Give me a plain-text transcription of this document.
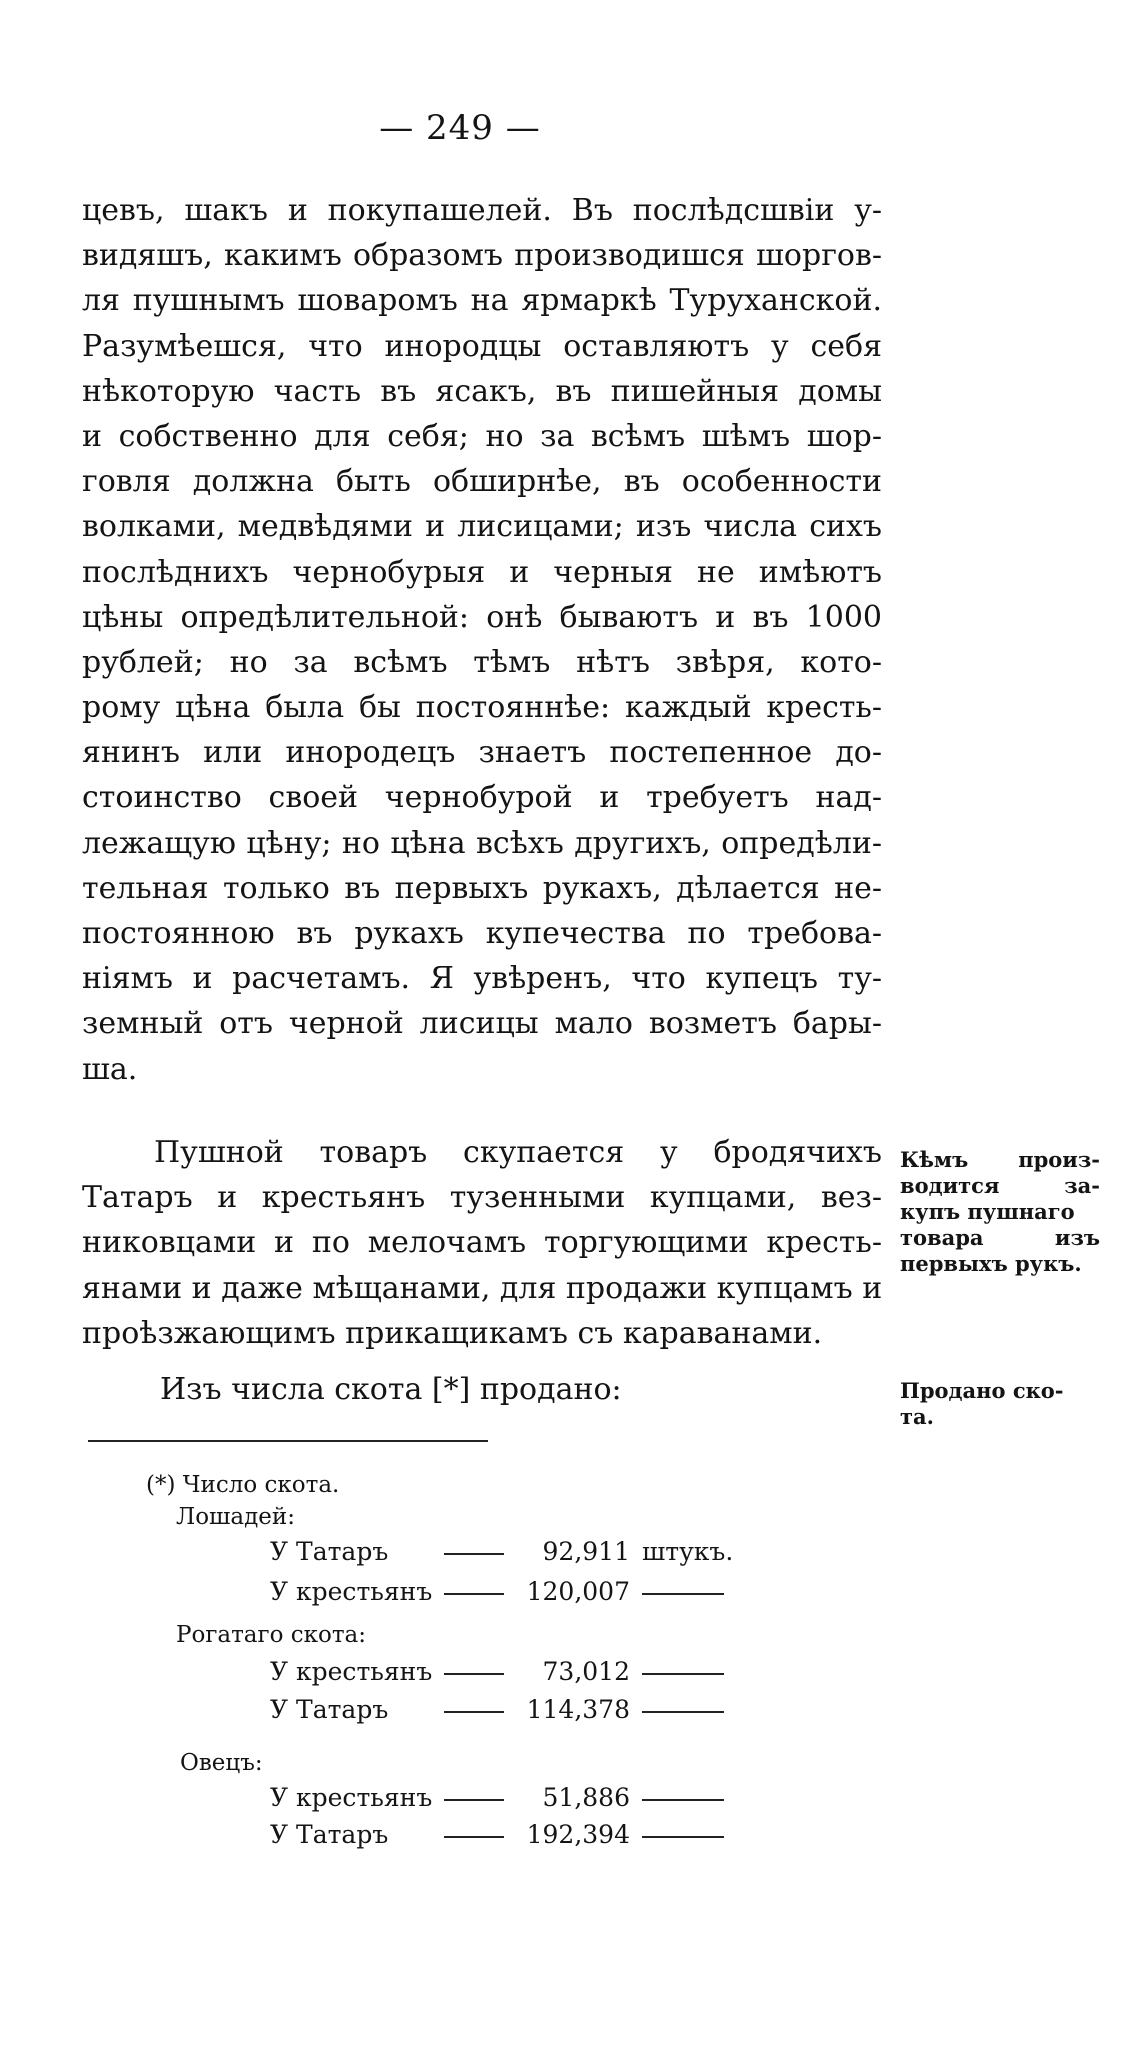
— 249 —
цевъ, шакъ и покупашелей. Въ послѣдсшвіи у-
видяшъ, какимъ образомъ производишся шоргов-
ля пушнымъ шоваромъ на ярмаркѣ Туруханской.
Разумѣешся, что инородцы оставляютъ у себя
нѣкоторую часть въ ясакъ, въ пишейныя домы
и собственно для себя; но за всѣмъ шѣмъ шор-
говля должна быть обширнѣе, въ особенности
волками, медвѣдями и лисицами; изъ числа сихъ
послѣднихъ чернобурыя и черныя не имѣютъ
цѣны опредѣлительной: онѣ бываютъ и въ 1000
рублей; но за всѣмъ тѣмъ нѣтъ звѣря, кото-
рому цѣна была бы постояннѣе: каждый кресть-
янинъ или инородецъ знаетъ постепенное до-
стоинство своей чернобурой и требуетъ над-
лежащую цѣну; но цѣна всѣхъ другихъ, опредѣли-
тельная только въ первыхъ рукахъ, дѣлается не-
постоянною въ рукахъ купечества по требова-
ніямъ и расчетамъ. Я увѣренъ, что купецъ ту-
земный отъ черной лисицы мало возметъ бары-
ша.
Пушной товаръ скупается у бродячихъ
Татаръ и крестьянъ тузенными купцами, вез-
никовцами и по мелочамъ торгующими кресть-
янами и даже мѣщанами, для продажи купцамъ и
проѣзжающимъ прикащикамъ съ караванами.
Изъ числа скота [*] продано:
Кѣмъ произ-
водится за-
купъ пушнаго
товара изъ
первыхъ рукъ.
Продано ско-
та.
(*) Число скота.
Лошадей:
У Татаръ	92,911 штукъ.
У крестьянъ	120,007
Рогатаго скота:
У крестьянъ	73,012
У Татаръ	114,378
Овецъ:
У крестьянъ	51,886
У Татаръ	192,394
